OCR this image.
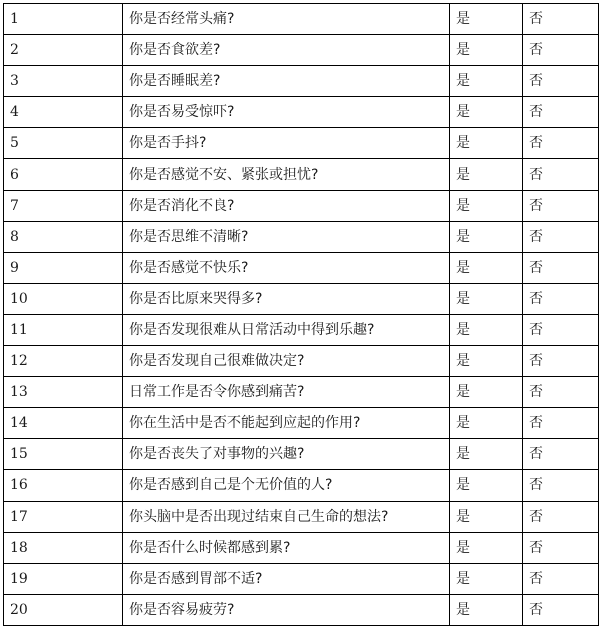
1	你是否经常头痛?	是	否
2	你是否食欲差?	是	否
3	你是否睡眠差?	是	否
4	你是否易受惊吓?	是	否
5	你是否手抖?	是	否
6	你是否感觉不安、紧张或担忧?	是	否
7	你是否消化不良?	是	否
8	你是否思维不清晰?	是	否
9	你是否感觉不快乐?	是	否
10	你是否比原来哭得多?	是	否
11	你是否发现很难从日常活动中得到乐趣?	是	否
12	你是否发现自己很难做决定?	是	否
13	日常工作是否令你感到痛苦?	是	否
14	你在生活中是否不能起到应起的作用?	是	否
15	你是否丧失了对事物的兴趣?	是	否
16	你是否感到自己是个无价值的人?	是	否
17	你头脑中是否出现过结束自己生命的想法?	是	否
18	你是否什么时候都感到累?	是	否
19	你是否感到胃部不适?	是	否
20	你是否容易疲劳?	是	否
